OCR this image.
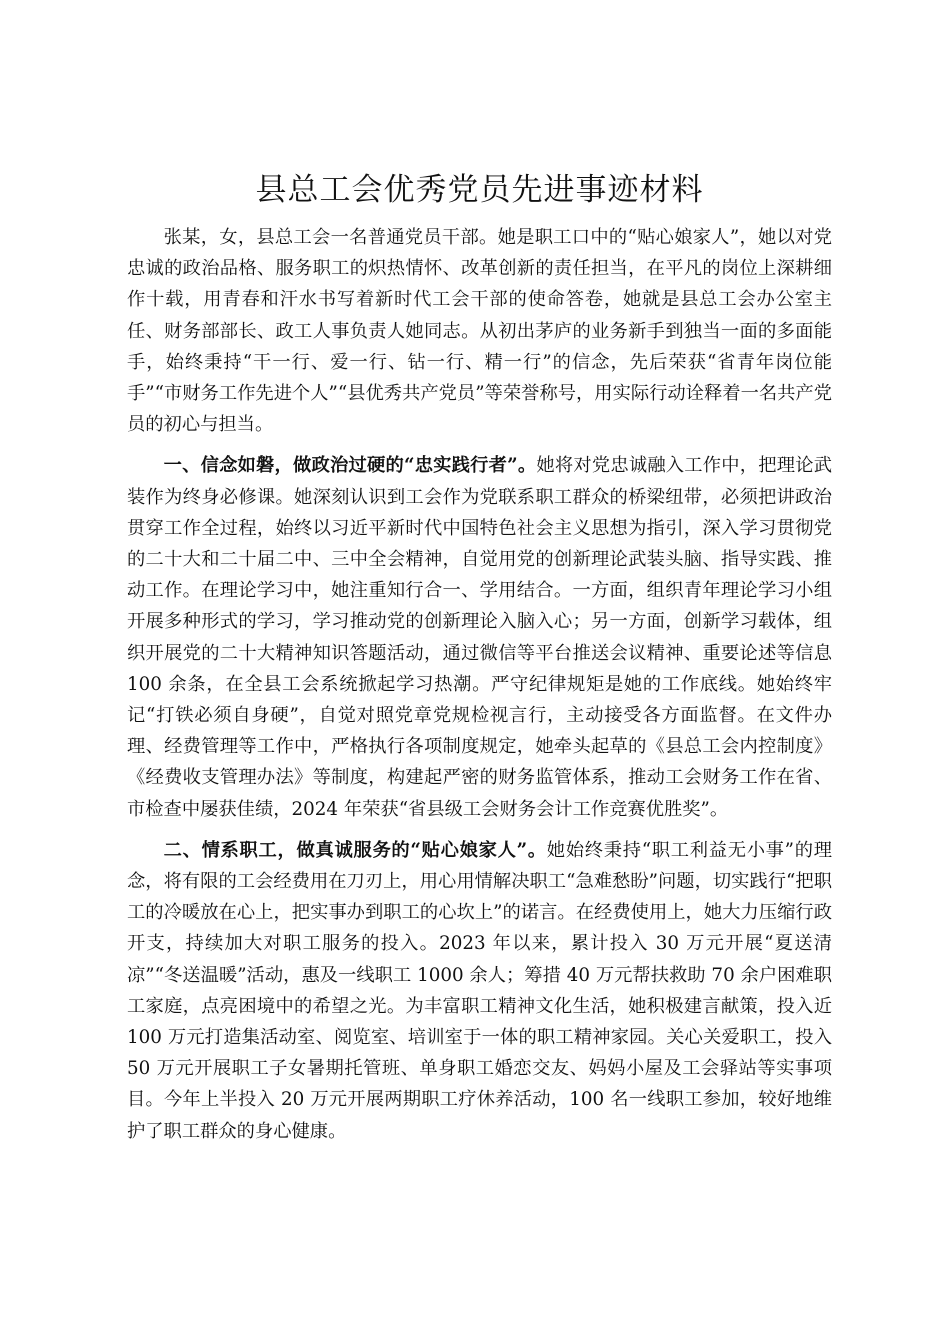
县总工会优秀党员先进事迹材料

张某，女，县总工会一名普通党员干部。她是职工口中的“贴心娘家人”，她以对党忠诚的政治品格、服务职工的炽热情怀、改革创新的责任担当，在平凡的岗位上深耕细作十载，用青春和汗水书写着新时代工会干部的使命答卷，她就是县总工会办公室主任、财务部部长、政工人事负责人她同志。从初出茅庐的业务新手到独当一面的多面能手，始终秉持“干一行、爱一行、钻一行、精一行”的信念，先后荣获“省青年岗位能手”“市财务工作先进个人”“县优秀共产党员”等荣誉称号，用实际行动诠释着一名共产党员的初心与担当。

一、信念如磐，做政治过硬的“忠实践行者”。她将对党忠诚融入工作中，把理论武装作为终身必修课。她深刻认识到工会作为党联系职工群众的桥梁纽带，必须把讲政治贯穿工作全过程，始终以习近平新时代中国特色社会主义思想为指引，深入学习贯彻党的二十大和二十届二中、三中全会精神，自觉用党的创新理论武装头脑、指导实践、推动工作。在理论学习中，她注重知行合一、学用结合。一方面，组织青年理论学习小组开展多种形式的学习，学习推动党的创新理论入脑入心；另一方面，创新学习载体，组织开展党的二十大精神知识答题活动，通过微信等平台推送会议精神、重要论述等信息 100 余条，在全县工会系统掀起学习热潮。严守纪律规矩是她的工作底线。她始终牢记“打铁必须自身硬”，自觉对照党章党规检视言行，主动接受各方面监督。在文件办理、经费管理等工作中，严格执行各项制度规定，她牵头起草的《县总工会内控制度》《经费收支管理办法》等制度，构建起严密的财务监管体系，推动工会财务工作在省、市检查中屡获佳绩，2024 年荣获“省县级工会财务会计工作竞赛优胜奖”。

二、情系职工，做真诚服务的“贴心娘家人”。她始终秉持“职工利益无小事”的理念，将有限的工会经费用在刀刃上，用心用情解决职工“急难愁盼”问题，切实践行“把职工的冷暖放在心上，把实事办到职工的心坎上”的诺言。在经费使用上，她大力压缩行政开支，持续加大对职工服务的投入。2023 年以来，累计投入 30 万元开展“夏送清凉”“冬送温暖”活动，惠及一线职工 1000 余人；筹措 40 万元帮扶救助 70 余户困难职工家庭，点亮困境中的希望之光。为丰富职工精神文化生活，她积极建言献策，投入近 100 万元打造集活动室、阅览室、培训室于一体的职工精神家园。关心关爱职工，投入 50 万元开展职工子女暑期托管班、单身职工婚恋交友、妈妈小屋及工会驿站等实事项目。今年上半投入 20 万元开展两期职工疗休养活动，100 名一线职工参加，较好地维护了职工群众的身心健康。
